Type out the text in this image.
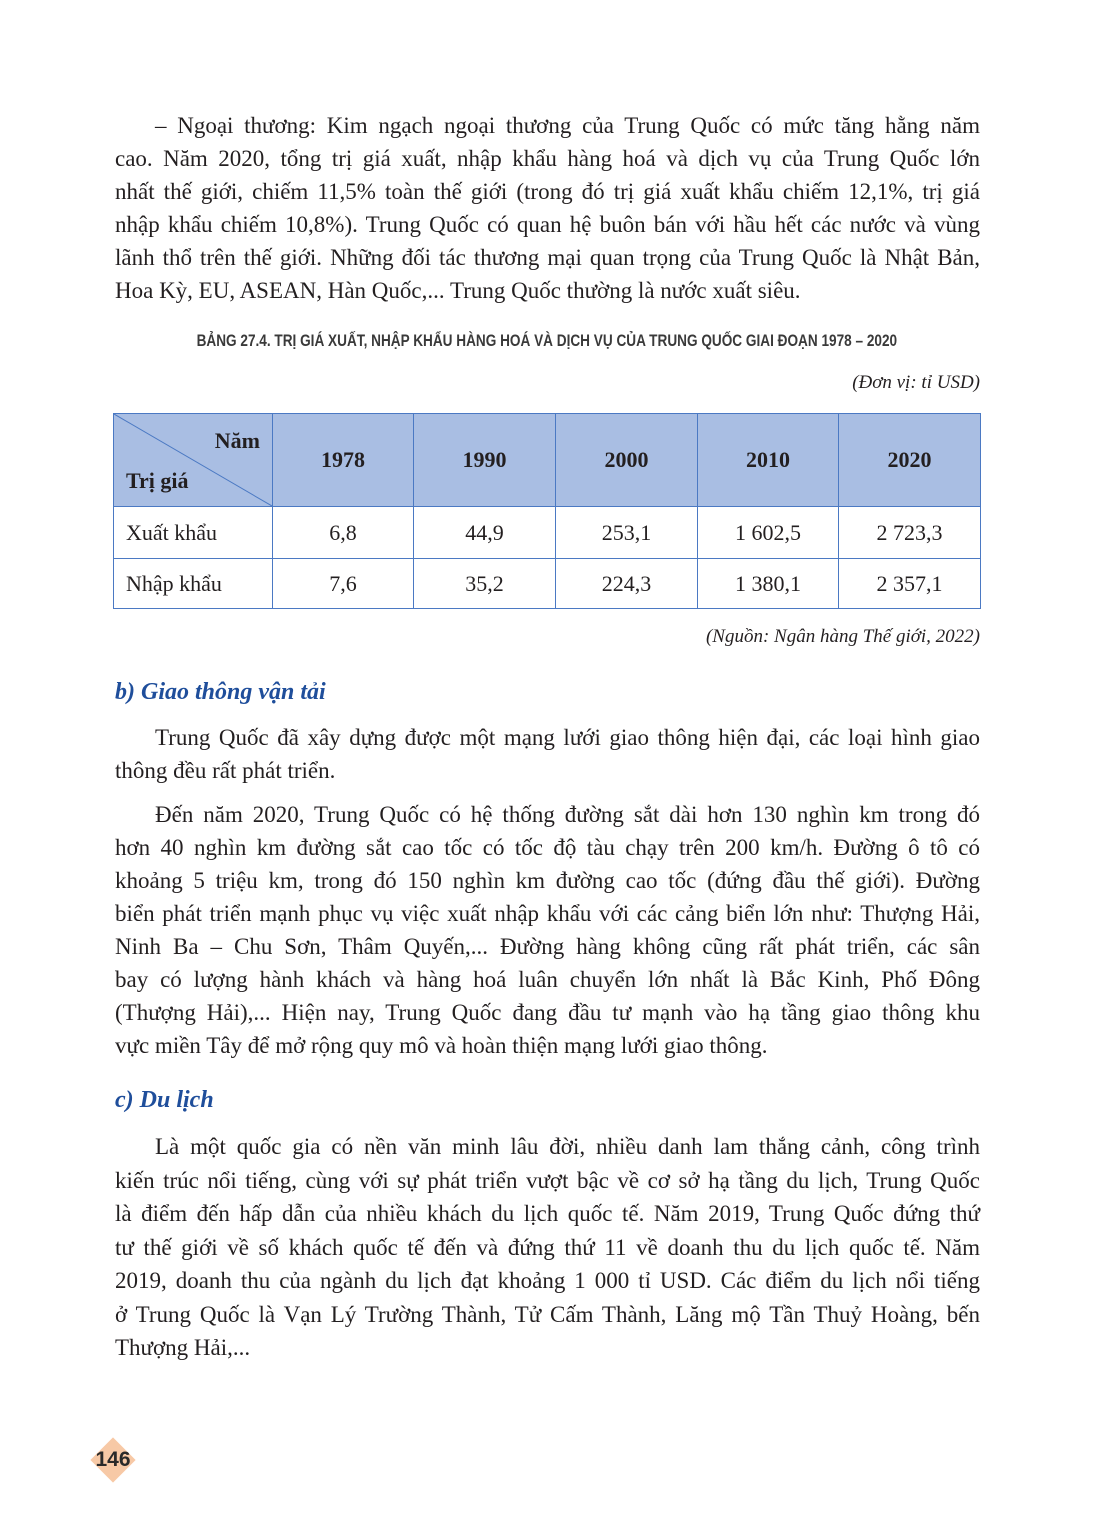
– Ngoại thương: Kim ngạch ngoại thương của Trung Quốc có mức tăng hằng năm
cao. Năm 2020, tổng trị giá xuất, nhập khẩu hàng hoá và dịch vụ của Trung Quốc lớn
nhất thế giới, chiếm 11,5% toàn thế giới (trong đó trị giá xuất khẩu chiếm 12,1%, trị giá
nhập khẩu chiếm 10,8%). Trung Quốc có quan hệ buôn bán với hầu hết các nước và vùng
lãnh thổ trên thế giới. Những đối tác thương mại quan trọng của Trung Quốc là Nhật Bản,
Hoa Kỳ, EU, ASEAN, Hàn Quốc,... Trung Quốc thường là nước xuất siêu.
BẢNG 27.4. TRỊ GIÁ XUẤT, NHẬP KHẨU HÀNG HOÁ VÀ DỊCH VỤ CỦA TRUNG QUỐC GIAI ĐOẠN 1978 – 2020
(Đơn vị: tỉ USD)
Năm
Trị giá	1978	1990	2000	2010	2020
Xuất khẩu	6,8	44,9	253,1	1 602,5	2 723,3
Nhập khẩu	7,6	35,2	224,3	1 380,1	2 357,1
(Nguồn: Ngân hàng Thế giới, 2022)
b) Giao thông vận tải
Trung Quốc đã xây dựng được một mạng lưới giao thông hiện đại, các loại hình giao
thông đều rất phát triển.
Đến năm 2020, Trung Quốc có hệ thống đường sắt dài hơn 130 nghìn km trong đó
hơn 40 nghìn km đường sắt cao tốc có tốc độ tàu chạy trên 200 km/h. Đường ô tô có
khoảng 5 triệu km, trong đó 150 nghìn km đường cao tốc (đứng đầu thế giới). Đường
biển phát triển mạnh phục vụ việc xuất nhập khẩu với các cảng biển lớn như: Thượng Hải,
Ninh Ba – Chu Sơn, Thâm Quyến,... Đường hàng không cũng rất phát triển, các sân
bay có lượng hành khách và hàng hoá luân chuyển lớn nhất là Bắc Kinh, Phố Đông
(Thượng Hải),... Hiện nay, Trung Quốc đang đầu tư mạnh vào hạ tầng giao thông khu
vực miền Tây để mở rộng quy mô và hoàn thiện mạng lưới giao thông.
c) Du lịch
Là một quốc gia có nền văn minh lâu đời, nhiều danh lam thắng cảnh, công trình
kiến trúc nổi tiếng, cùng với sự phát triển vượt bậc về cơ sở hạ tầng du lịch, Trung Quốc
là điểm đến hấp dẫn của nhiều khách du lịch quốc tế. Năm 2019, Trung Quốc đứng thứ
tư thế giới về số khách quốc tế đến và đứng thứ 11 về doanh thu du lịch quốc tế. Năm
2019, doanh thu của ngành du lịch đạt khoảng 1 000 tỉ USD. Các điểm du lịch nổi tiếng
ở Trung Quốc là Vạn Lý Trường Thành, Tử Cấm Thành, Lăng mộ Tần Thuỷ Hoàng, bến
Thượng Hải,...
146
